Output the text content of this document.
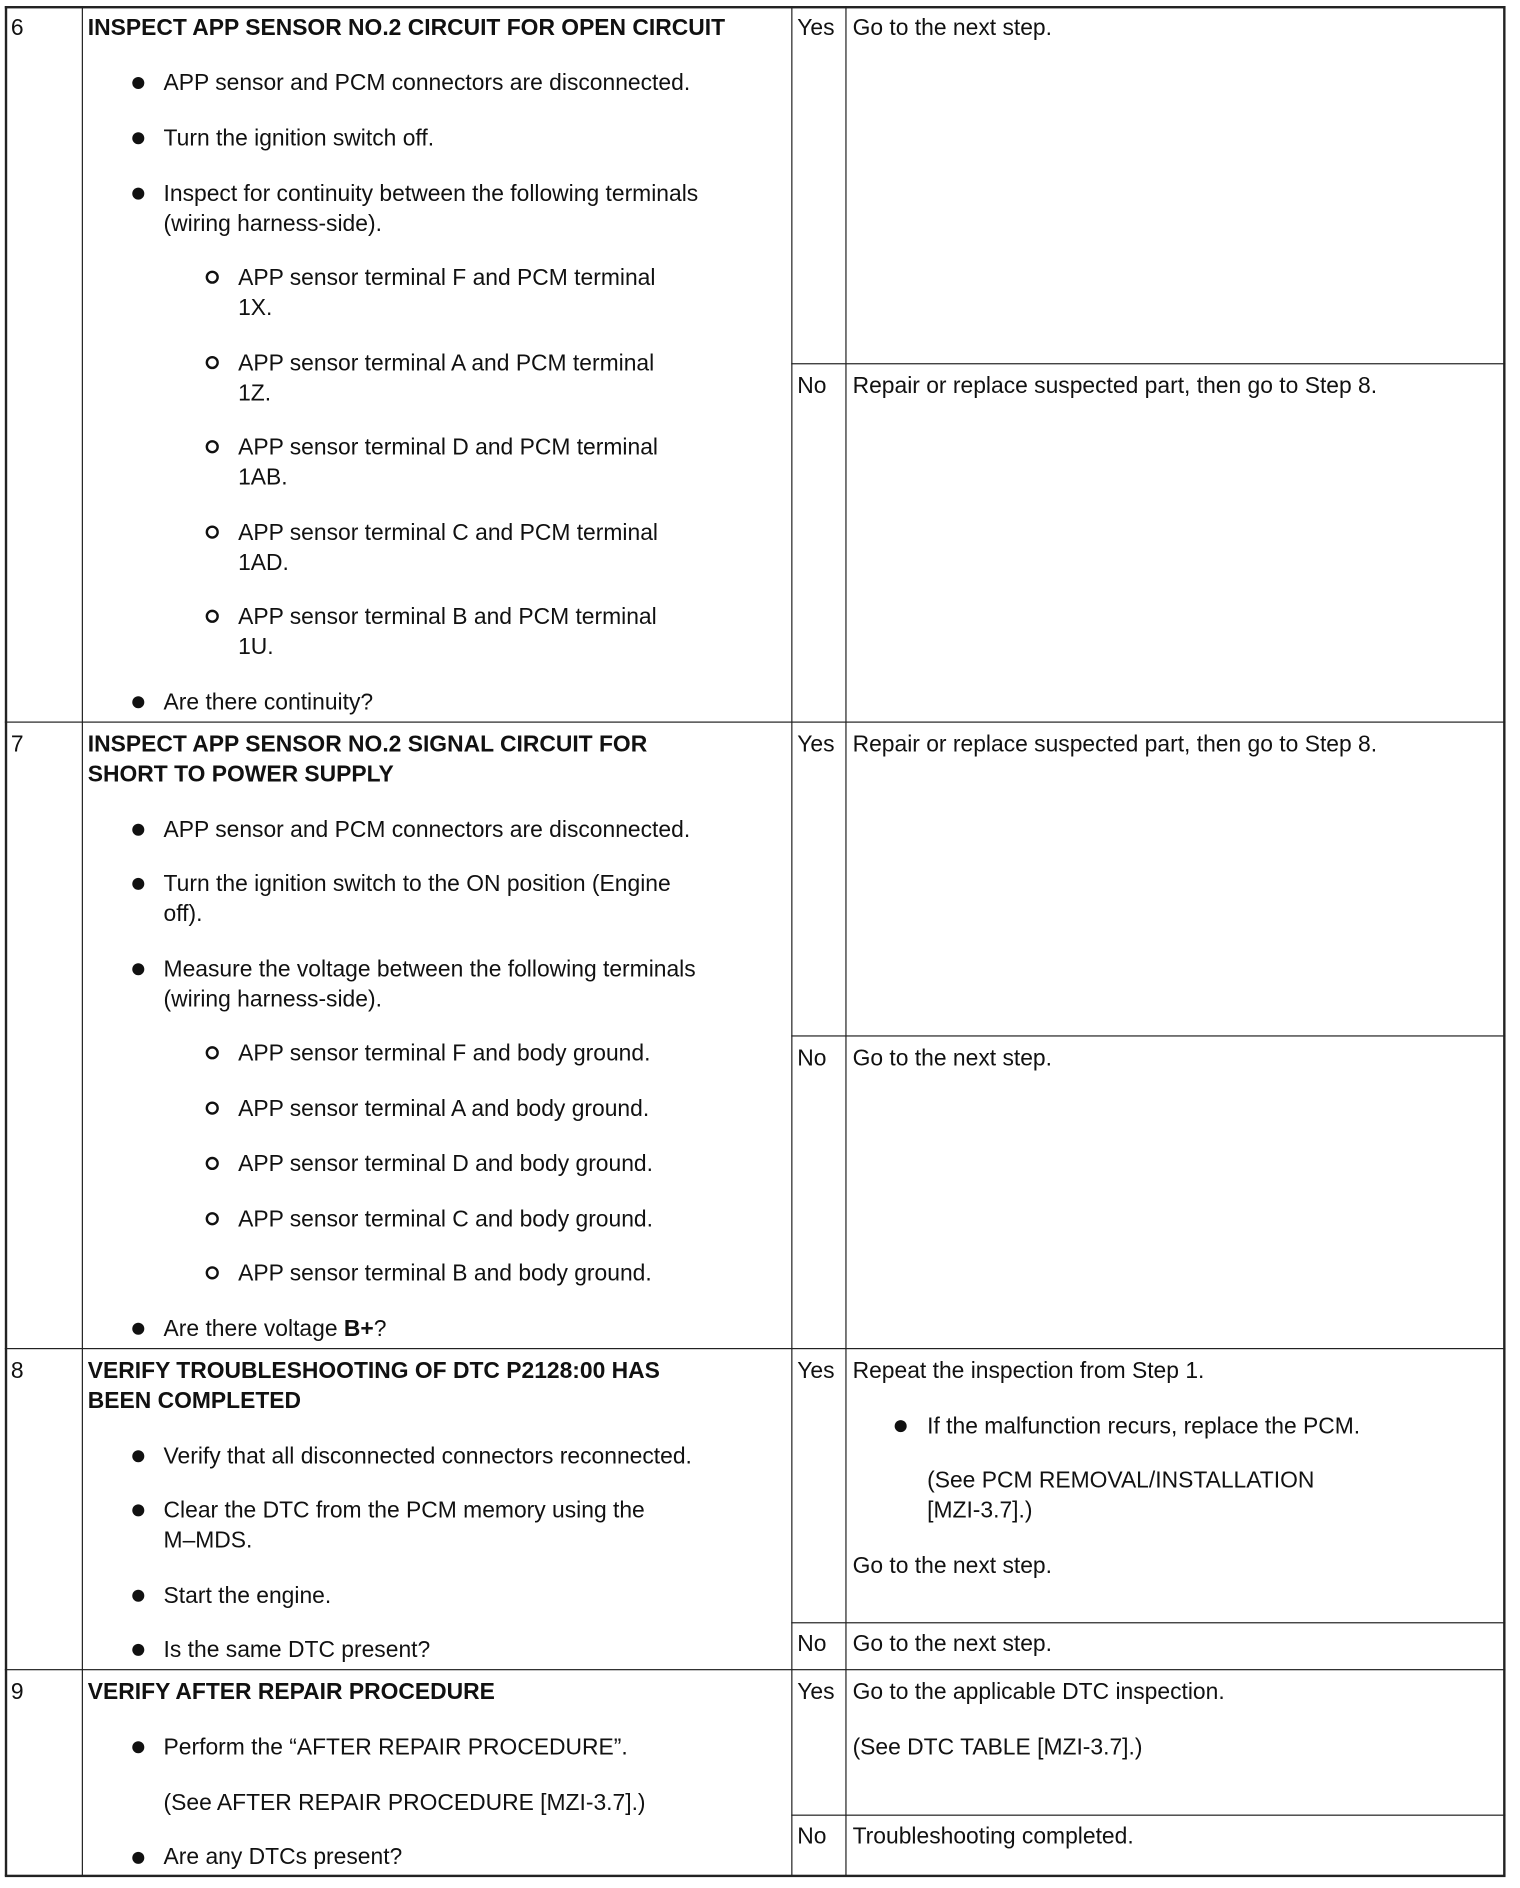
6	INSPECT APP SENSOR NO.2 CIRCUIT FOR OPEN CIRCUIT
APP sensor and PCM connectors are disconnected.
Turn the ignition switch off.
Inspect for continuity between the following terminals
(wiring harness-side).
APP sensor terminal F and PCM terminal
1X.
APP sensor terminal A and PCM terminal
1Z.
APP sensor terminal D and PCM terminal
1AB.
APP sensor terminal C and PCM terminal
1AD.
APP sensor terminal B and PCM terminal
1U.
Are there continuity?
Yes Go to the next step.
No Repair or replace suspected part, then go to Step 8.
7	INSPECT APP SENSOR NO.2 SIGNAL CIRCUIT FOR
SHORT TO POWER SUPPLY
APP sensor and PCM connectors are disconnected.
Turn the ignition switch to the ON position (Engine
off).
Measure the voltage between the following terminals
(wiring harness-side).
APP sensor terminal F and body ground.
APP sensor terminal A and body ground.
APP sensor terminal D and body ground.
APP sensor terminal C and body ground.
APP sensor terminal B and body ground.
Are there voltage B+?
Yes Repair or replace suspected part, then go to Step 8.
No Go to the next step.
8	VERIFY TROUBLESHOOTING OF DTC P2128:00 HAS
BEEN COMPLETED
Verify that all disconnected connectors reconnected.
Clear the DTC from the PCM memory using the
M–MDS.
Start the engine.
Is the same DTC present?
Yes Repeat the inspection from Step 1.
If the malfunction recurs, replace the PCM.
(See PCM REMOVAL/INSTALLATION
[MZI-3.7].)
Go to the next step.
No Go to the next step.
9	VERIFY AFTER REPAIR PROCEDURE
Perform the “AFTER REPAIR PROCEDURE”.
(See AFTER REPAIR PROCEDURE [MZI-3.7].)
Are any DTCs present?
Yes Go to the applicable DTC inspection.
(See DTC TABLE [MZI-3.7].)
No Troubleshooting completed.
